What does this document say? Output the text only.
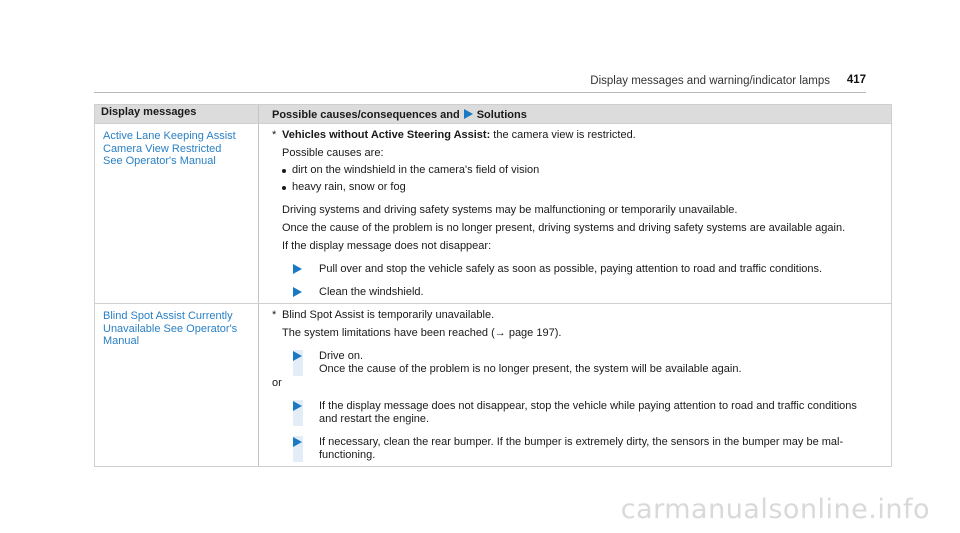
Display messages and warning/indicator lamps 417
Display messages	Possible causes/consequences and Solutions
Active Lane Keeping Assist
Camera View Restricted
See Operator's Manual
* Vehicles without Active Steering Assist: the camera view is restricted.
Possible causes are:
dirt on the windshield in the camera's field of vision
heavy rain, snow or fog
Driving systems and driving safety systems may be malfunctioning or temporarily unavailable.
Once the cause of the problem is no longer present, driving systems and driving safety systems are available again.
If the display message does not disappear:
Pull over and stop the vehicle safely as soon as possible, paying attention to road and traffic conditions.
Clean the windshield.
Blind Spot Assist Currently
Unavailable See Operator's
Manual
* Blind Spot Assist is temporarily unavailable.
The system limitations have been reached (→ page 197).
Drive on.
Once the cause of the problem is no longer present, the system will be available again.
or
If the display message does not disappear, stop the vehicle while paying attention to road and traffic conditions
and restart the engine.
If necessary, clean the rear bumper. If the bumper is extremely dirty, the sensors in the bumper may be mal-
functioning.
carmanualsonline.info
